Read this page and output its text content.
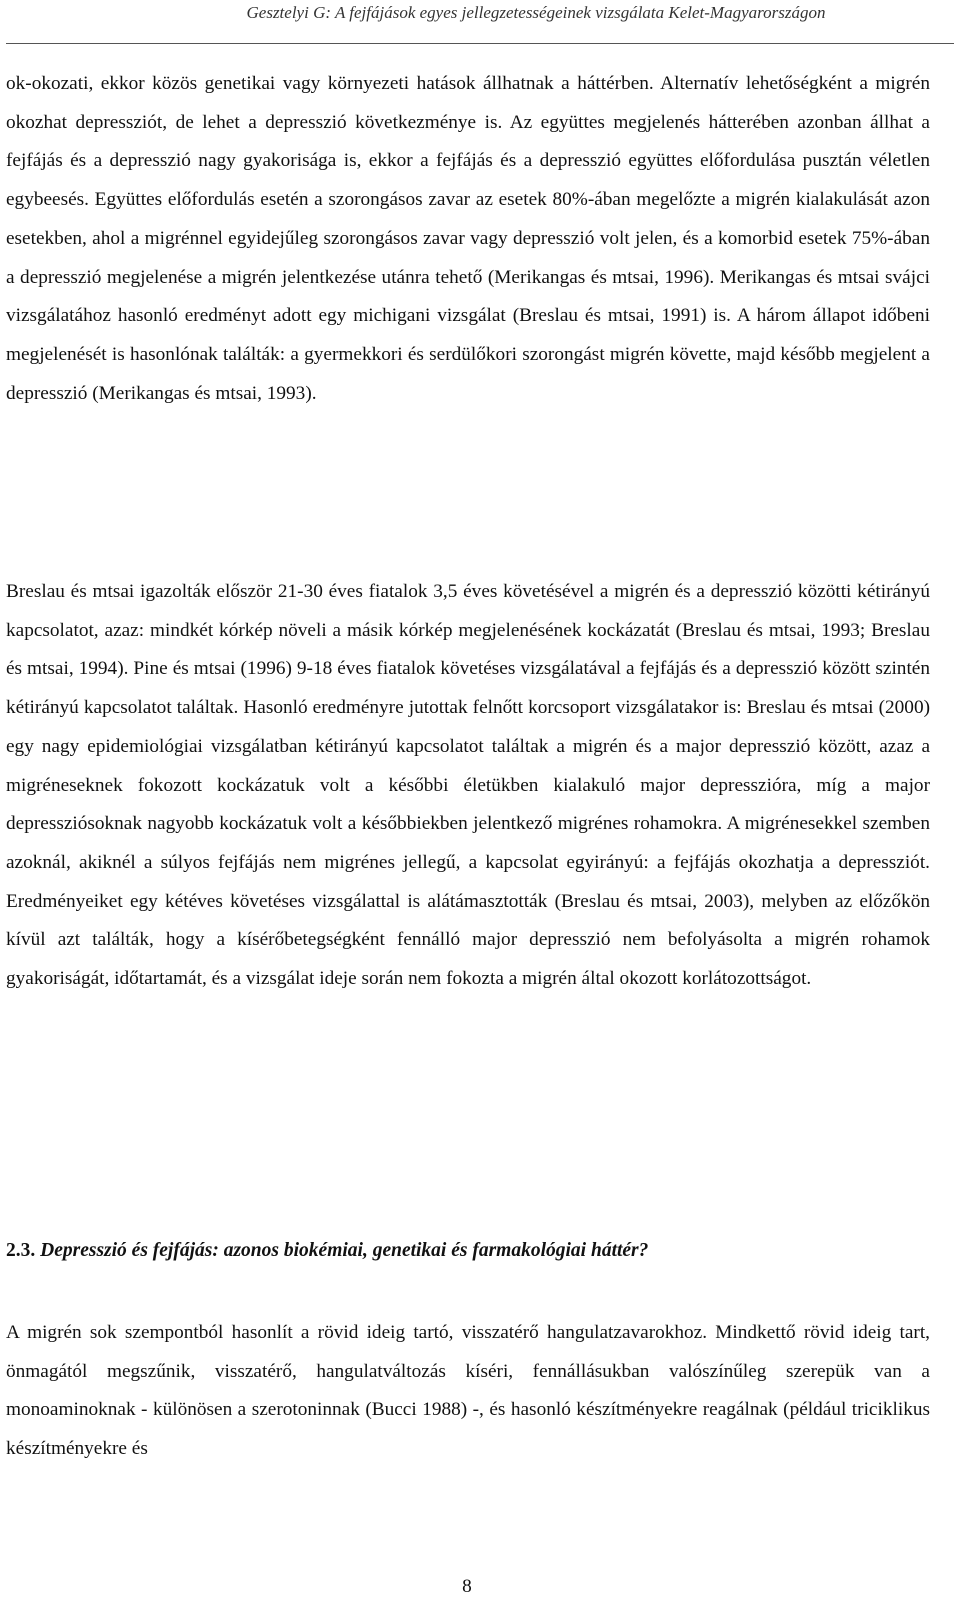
Gesztelyi G: A fejfájások egyes jellegzetességeinek vizsgálata Kelet-Magyarországon

ok-okozati, ekkor közös genetikai vagy környezeti hatások állhatnak a háttérben. Alternatív lehetőségként a migrén okozhat depressziót, de lehet a depresszió következménye is. Az együttes megjelenés hátterében azonban állhat a fejfájás és a depresszió nagy gyakorisága is, ekkor a fejfájás és a depresszió együttes előfordulása pusztán véletlen egybeesés. Együttes előfordulás esetén a szorongásos zavar az esetek 80%-ában megelőzte a migrén kialakulását azon esetekben, ahol a migrénnel egyidejűleg szorongásos zavar vagy depresszió volt jelen, és a komorbid esetek 75%-ában a depresszió megjelenése a migrén jelentkezése utánra tehető (Merikangas és mtsai, 1996). Merikangas és mtsai svájci vizsgálatához hasonló eredményt adott egy michigani vizsgálat (Breslau és mtsai, 1991) is. A három állapot időbeni megjelenését is hasonlónak találták: a gyermekkori és serdülőkori szorongást migrén követte, majd később megjelent a depresszió (Merikangas és mtsai, 1993).

Breslau és mtsai igazolták először 21-30 éves fiatalok 3,5 éves követésével a migrén és a depresszió közötti kétirányú kapcsolatot, azaz: mindkét kórkép növeli a másik kórkép megjelenésének kockázatát (Breslau és mtsai, 1993; Breslau és mtsai, 1994). Pine és mtsai (1996) 9-18 éves fiatalok követéses vizsgálatával a fejfájás és a depresszió között szintén kétirányú kapcsolatot találtak. Hasonló eredményre jutottak felnőtt korcsoport vizsgálatakor is: Breslau és mtsai (2000) egy nagy epidemiológiai vizsgálatban kétirányú kapcsolatot találtak a migrén és a major depresszió között, azaz a migréneseknek fokozott kockázatuk volt a későbbi életükben kialakuló major depresszióra, míg a major depressziósoknak nagyobb kockázatuk volt a későbbiekben jelentkező migrénes rohamokra. A migrénesekkel szemben azoknál, akiknél a súlyos fejfájás nem migrénes jellegű, a kapcsolat egyirányú: a fejfájás okozhatja a depressziót. Eredményeiket egy kétéves követéses vizsgálattal is alátámasztották (Breslau és mtsai, 2003), melyben az előzőkön kívül azt találták, hogy a kísérőbetegségként fennálló major depresszió nem befolyásolta a migrén rohamok gyakoriságát, időtartamát, és a vizsgálat ideje során nem fokozta a migrén által okozott korlátozottságot.

2.3. Depresszió és fejfájás: azonos biokémiai, genetikai és farmakológiai háttér?

A migrén sok szempontból hasonlít a rövid ideig tartó, visszatérő hangulatzavarokhoz. Mindkettő rövid ideig tart, önmagától megszűnik, visszatérő, hangulatváltozás kíséri, fennállásukban valószínűleg szerepük van a monoaminoknak - különösen a szerotoninnak (Bucci 1988) -, és hasonló készítményekre reagálnak (például triciklikus készítményekre és

8
